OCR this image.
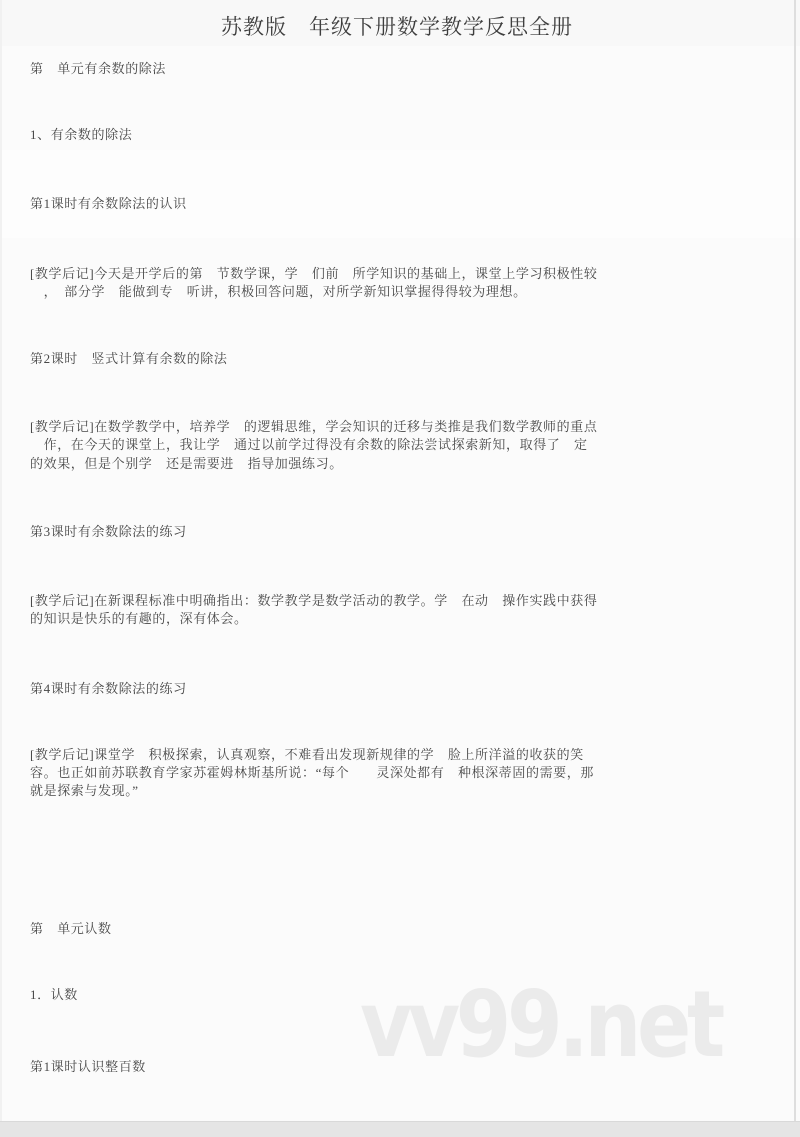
vv99.net
苏教版　年级下册数学教学反思全册
第　单元有余数的除法
1、有余数的除法
第1课时有余数除法的认识
[教学后记]今天是开学后的第　节数学课，学　们前　所学知识的基础上，课堂上学习积极性较
　，　部分学　能做到专　听讲，积极回答问题，对所学新知识掌握得得较为理想。
第2课时　竖式计算有余数的除法
[教学后记]在数学教学中，培养学　的逻辑思维，学会知识的迁移与类推是我们数学教师的重点
　作，在今天的课堂上，我让学　通过以前学过得没有余数的除法尝试探索新知，取得了　定
的效果，但是个别学　还是需要进　指导加强练习。
第3课时有余数除法的练习
[教学后记]在新课程标准中明确指出：数学教学是数学活动的教学。学　在动　操作实践中获得
的知识是快乐的有趣的，深有体会。
第4课时有余数除法的练习
[教学后记]课堂学　积极探索，认真观察，不难看出发现新规律的学　脸上所洋溢的收获的笑
容。也正如前苏联教育学家苏霍姆林斯基所说：“每个　　灵深处都有　种根深蒂固的需要，那
就是探索与发现。”
第　单元认数
1．认数
第1课时认识整百数
